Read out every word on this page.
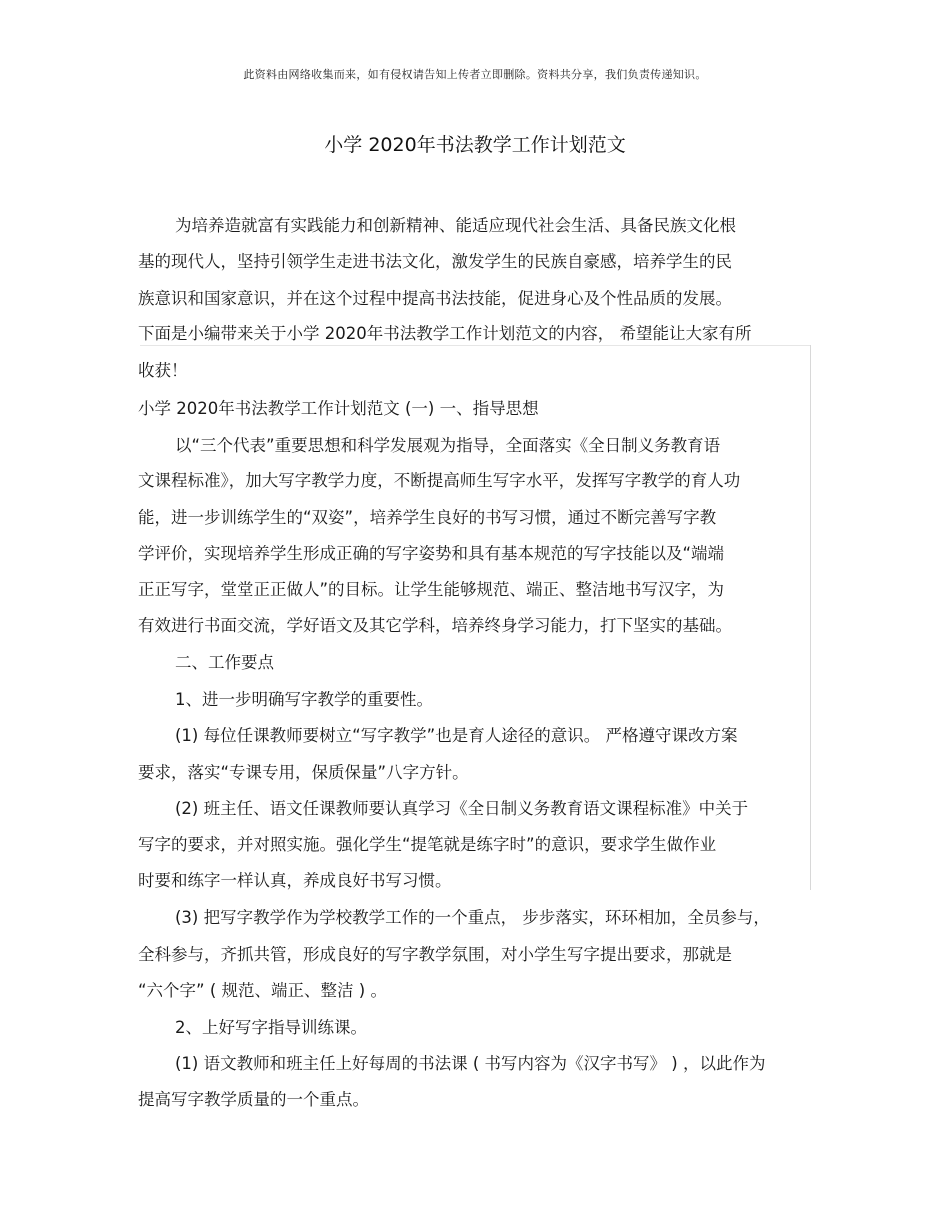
此资料由网络收集而来，如有侵权请告知上传者立即删除。资料共分享，我们负责传递知识。
小学 2020年书法教学工作计划范文
为培养造就富有实践能力和创新精神、能适应现代社会生活、具备民族文化根
基的现代人，坚持引领学生走进书法文化，激发学生的民族自豪感，培养学生的民
族意识和国家意识，并在这个过程中提高书法技能，促进身心及个性品质的发展。
下面是小编带来关于小学 2020年书法教学工作计划范文的内容， 希望能让大家有所
收获！
小学 2020年书法教学工作计划范文 (一) 一、指导思想
以“三个代表”重要思想和科学发展观为指导，全面落实《全日制义务教育语
文课程标准》，加大写字教学力度，不断提高师生写字水平，发挥写字教学的育人功
能，进一步训练学生的“双姿”，培养学生良好的书写习惯，通过不断完善写字教
学评价，实现培养学生形成正确的写字姿势和具有基本规范的写字技能以及“端端
正正写字，堂堂正正做人”的目标。让学生能够规范、端正、整洁地书写汉字，为
有效进行书面交流，学好语文及其它学科，培养终身学习能力，打下坚实的基础。
二、工作要点
1、进一步明确写字教学的重要性。
(1) 每位任课教师要树立“写字教学”也是育人途径的意识。 严格遵守课改方案
要求，落实“专课专用，保质保量”八字方针。
(2) 班主任、语文任课教师要认真学习《全日制义务教育语文课程标准》中关于
写字的要求，并对照实施。强化学生“提笔就是练字时”的意识，要求学生做作业
时要和练字一样认真，养成良好书写习惯。
(3) 把写字教学作为学校教学工作的一个重点， 步步落实，环环相加，全员参与，
全科参与，齐抓共管，形成良好的写字教学氛围，对小学生写字提出要求，那就是
“六个字” ( 规范、端正、整洁 ) 。
2、上好写字指导训练课。
(1) 语文教师和班主任上好每周的书法课 ( 书写内容为《汉字书写》 ) ，以此作为
提高写字教学质量的一个重点。
